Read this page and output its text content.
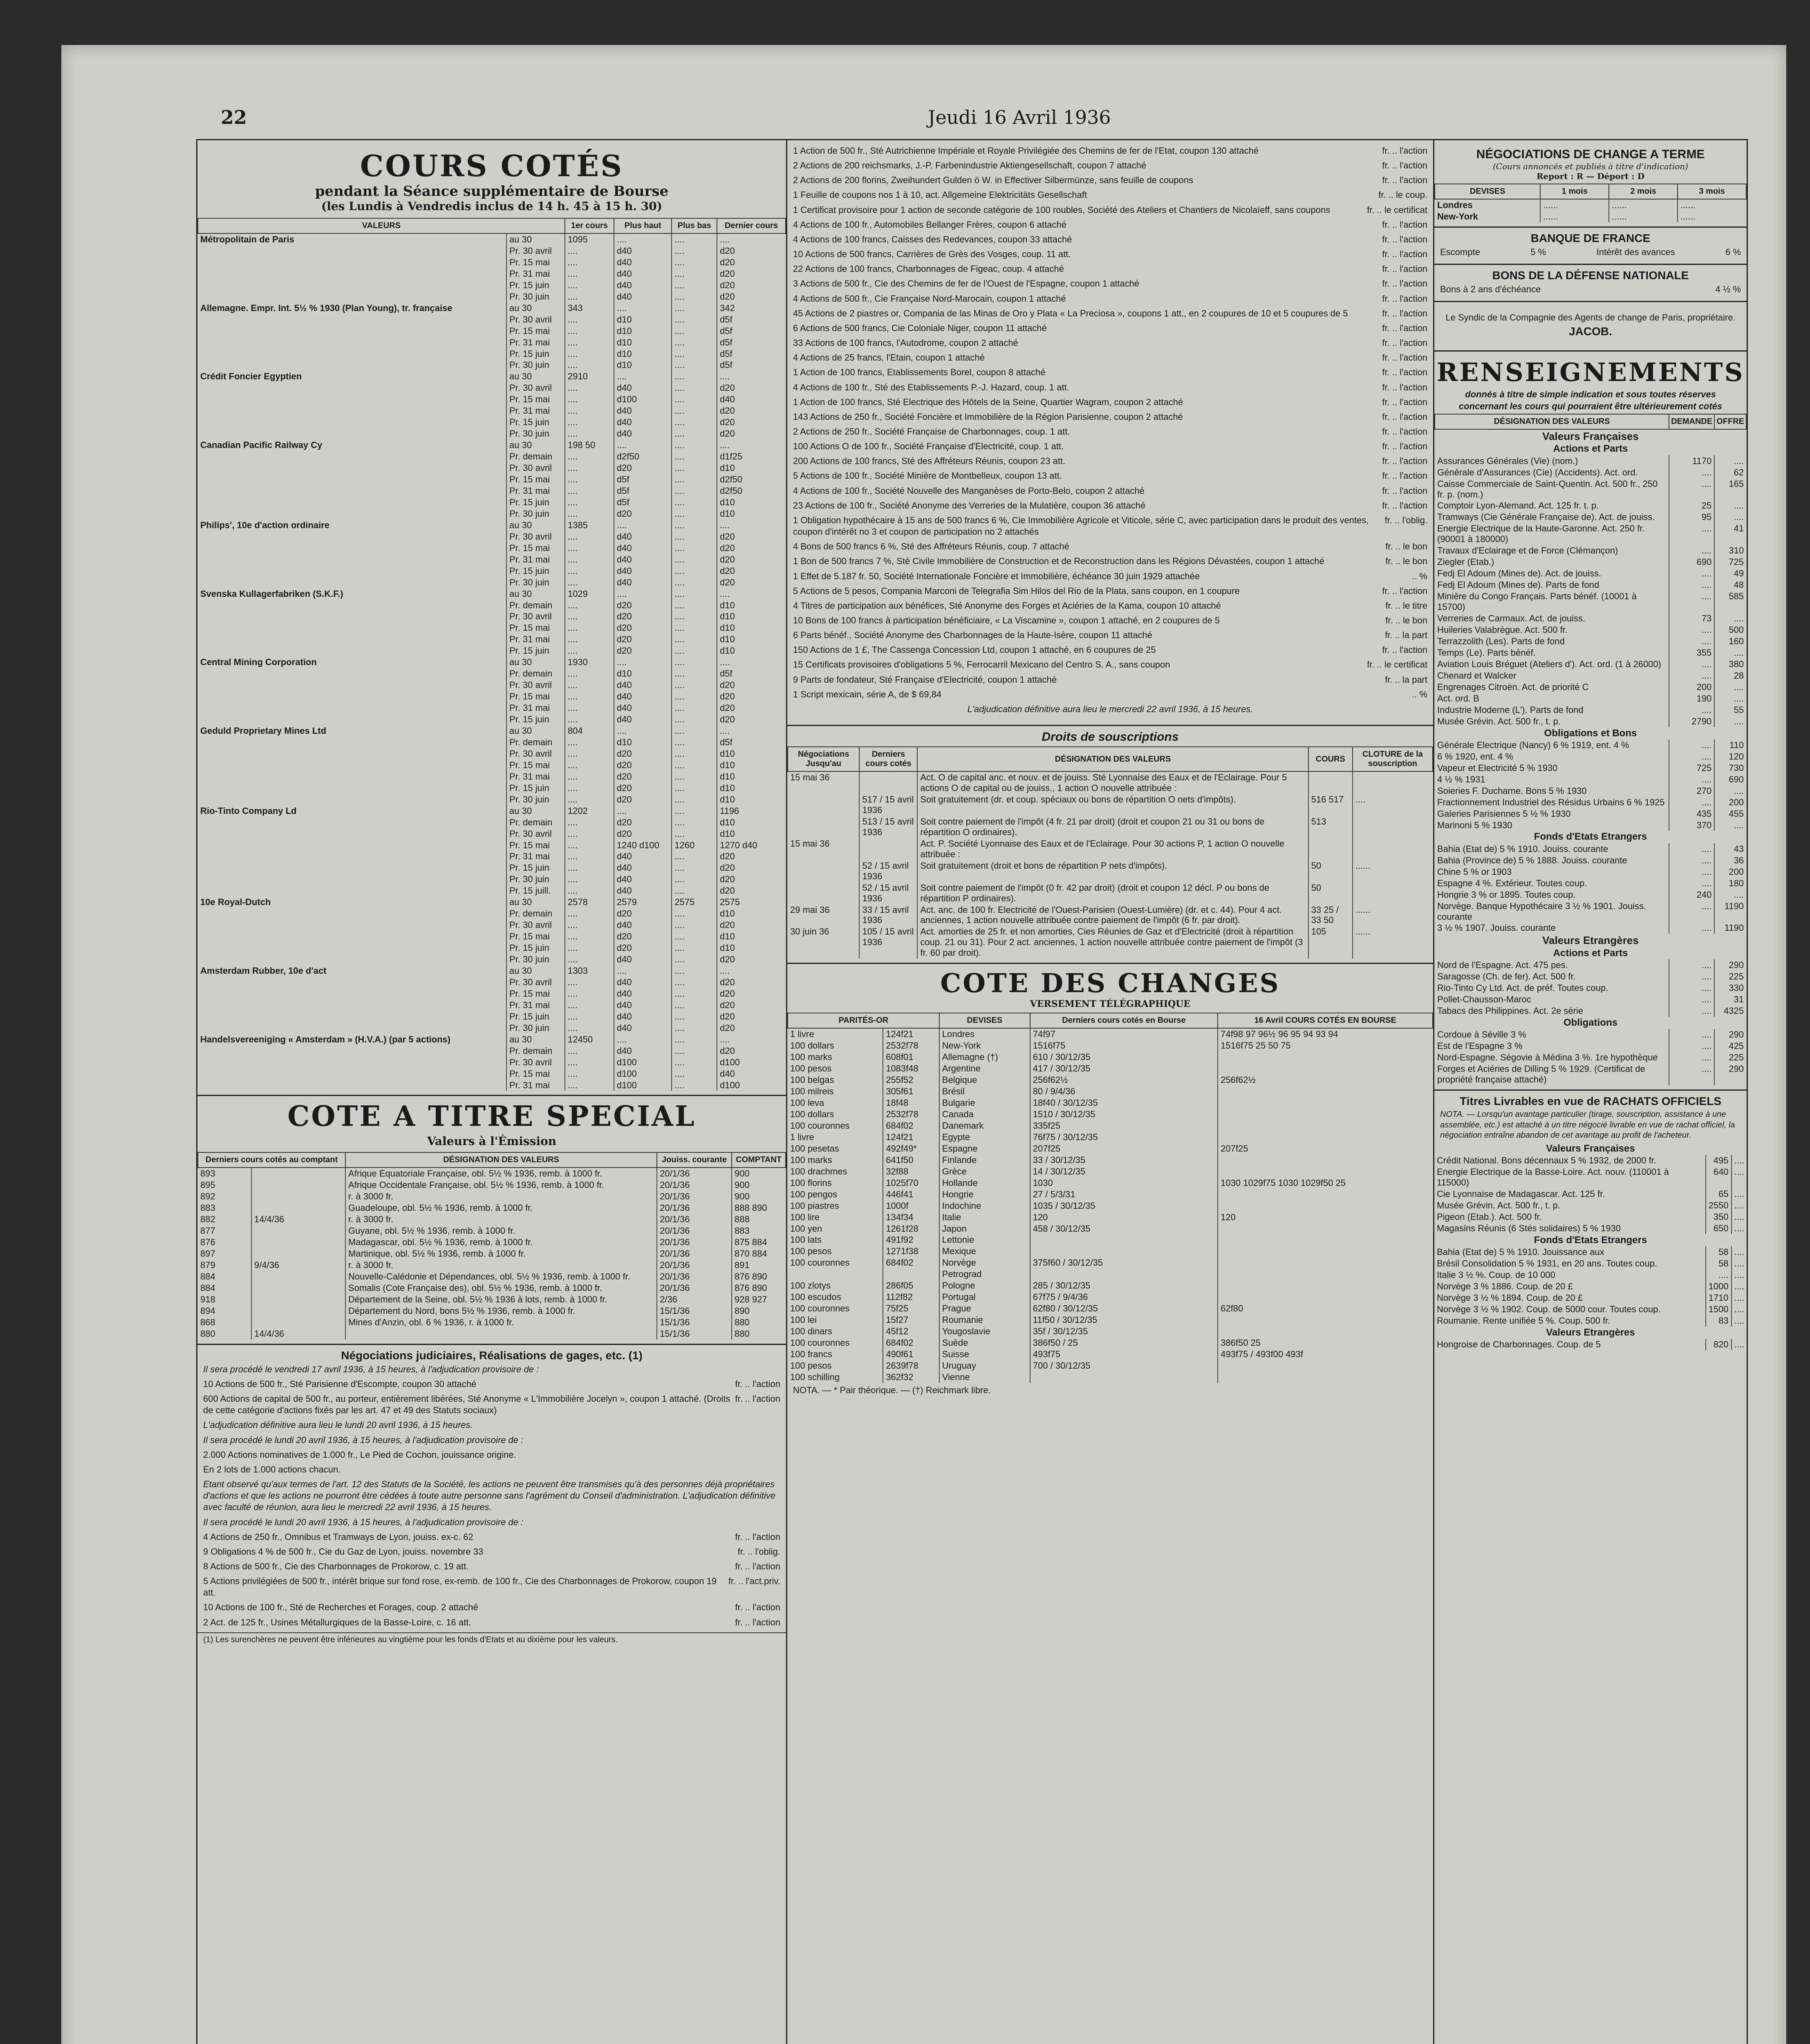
22	Jeudi 16 Avril 1936
COURS COTÉS
pendant la Séance supplémentaire de Bourse
(les Lundis à Vendredis inclus de 14 h. 45 à 15 h. 30)
VALEURS		1er cours	Plus haut	Plus bas	Dernier cours
Métropolitain de Paris	au 30	1095	....	....	....
	Pr. 30 avril	....	d40	....	d20
	Pr. 15 mai	....	d40	....	d20
	Pr. 31 mai	....	d40	....	d20
	Pr. 15 juin	....	d40	....	d20
	Pr. 30 juin	....	d40	....	d20
Allemagne. Empr. Int. 5½ % 1930 (Plan Young), tr. française	au 30	343	....	....	342
	Pr. 30 avril	....	d10	....	d5f
	Pr. 15 mai	....	d10	....	d5f
	Pr. 31 mai	....	d10	....	d5f
	Pr. 15 juin	....	d10	....	d5f
	Pr. 30 juin	....	d10	....	d5f
Crédit Foncier Egyptien	au 30	2910	....	....	....
	Pr. 30 avril	....	d40	....	d20
	Pr. 15 mai	....	d100	....	d40
	Pr. 31 mai	....	d40	....	d20
	Pr. 15 juin	....	d40	....	d20
	Pr. 30 juin	....	d40	....	d20
Canadian Pacific Railway Cy	au 30	198 50	....	....	....
	Pr. demain	....	d2f50	....	d1f25
	Pr. 30 avril	....	d20	....	d10
	Pr. 15 mai	....	d5f	....	d2f50
	Pr. 31 mai	....	d5f	....	d2f50
	Pr. 15 juin	....	d5f	....	d10
	Pr. 30 juin	....	d20	....	d10
Philips', 10e d'action ordinaire	au 30	1385	....	....	....
	Pr. 30 avril	....	d40	....	d20
	Pr. 15 mai	....	d40	....	d20
	Pr. 31 mai	....	d40	....	d20
	Pr. 15 juin	....	d40	....	d20
	Pr. 30 juin	....	d40	....	d20
Svenska Kullagerfabriken (S.K.F.)	au 30	1029	....	....	....
	Pr. demain	....	d20	....	d10
	Pr. 30 avril	....	d20	....	d10
	Pr. 15 mai	....	d20	....	d10
	Pr. 31 mai	....	d20	....	d10
	Pr. 15 juin	....	d20	....	d10
Central Mining Corporation	au 30	1930	....	....	....
	Pr. demain	....	d10	....	d5f
	Pr. 30 avril	....	d40	....	d20
	Pr. 15 mai	....	d40	....	d20
	Pr. 31 mai	....	d40	....	d20
	Pr. 15 juin	....	d40	....	d20
Geduld Proprietary Mines Ltd	au 30	804	....	....	....
	Pr. demain	....	d10	....	d5f
	Pr. 30 avril	....	d20	....	d10
	Pr. 15 mai	....	d20	....	d10
	Pr. 31 mai	....	d20	....	d10
	Pr. 15 juin	....	d20	....	d10
	Pr. 30 juin	....	d20	....	d10
Rio-Tinto Company Ld	au 30	1202	....	....	1196
	Pr. demain	....	d20	....	d10
	Pr. 30 avril	....	d20	....	d10
	Pr. 15 mai	....	1240 d100	1260	1270 d40
	Pr. 31 mai	....	d40	....	d20
	Pr. 15 juin	....	d40	....	d20
	Pr. 30 juin	....	d40	....	d20
	Pr. 15 juill.	....	d40	....	d20
10e Royal-Dutch	au 30	2578	2579	2575	2575
	Pr. demain	....	d20	....	d10
	Pr. 30 avril	....	d40	....	d20
	Pr. 15 mai	....	d20	....	d10
	Pr. 15 juin	....	d20	....	d10
	Pr. 30 juin	....	d40	....	d20
Amsterdam Rubber, 10e d'act	au 30	1303	....	....	....
	Pr. 30 avril	....	d40	....	d20
	Pr. 15 mai	....	d40	....	d20
	Pr. 31 mai	....	d40	....	d20
	Pr. 15 juin	....	d40	....	d20
	Pr. 30 juin	....	d40	....	d20
Handelsvereeniging « Amsterdam » (H.V.A.) (par 5 actions)	au 30	12450	....	....	....
	Pr. demain	....	d40	....	d20
	Pr. 30 avril	....	d100	....	d100
	Pr. 15 mai	....	d100	....	d40
	Pr. 31 mai	....	d100	....	d100
COTE A TITRE SPECIAL
Valeurs à l'Émission
Derniers cours cotés au comptant		DÉSIGNATION DES VALEURS	Jouiss. courante	COMPTANT
893		Afrique Equatoriale Française, obl. 5½ % 1936, remb. à 1000 fr.	20/1/36	900
895		Afrique Occidentale Française, obl. 5½ % 1936, remb. à 1000 fr.	20/1/36	900
892		r. à 3000 fr.	20/1/36	900
883		Guadeloupe, obl. 5½ % 1936, remb. à 1000 fr.	20/1/36	888 890
882	14/4/36	r. à 3000 fr.	20/1/36	888
877		Guyane, obl. 5½ % 1936, remb. à 1000 fr.	20/1/36	883
876		Madagascar, obl. 5½ % 1936, remb. à 1000 fr.	20/1/36	875 884
897		Martinique, obl. 5½ % 1936, remb. à 1000 fr.	20/1/36	870 884
879	9/4/36	r. à 3000 fr.	20/1/36	891
884		Nouvelle-Calédonie et Dépendances, obl. 5½ % 1936, remb. à 1000 fr.	20/1/36	876 890
884		Somalis (Cote Française des), obl. 5½ % 1936, remb. à 1000 fr.	20/1/36	876 890
918		Département de la Seine, obl. 5½ % 1936 à lots, remb. à 1000 fr.	2/36	928 927
894		Département du Nord, bons 5½ % 1936, remb. à 1000 fr.	15/1/36	890
868		Mines d'Anzin, obl. 6 % 1936, r. à 1000 fr.	15/1/36	880
880	14/4/36		15/1/36	880
Négociations judiciaires, Réalisations de gages, etc. (1)
Il sera procédé le vendredi 17 avril 1936, à 15 heures, à l'adjudication provisoire de :
10 Actions de 500 fr., Sté Parisienne d'Escompte, coupon 30 attaché	fr. .. l'action
600 Actions de capital de 500 fr., au porteur, entièrement libérées, Sté Anonyme « L'Immobilière Jocelyn », coupon 1 attaché. (Droits de cette catégorie d'actions fixés par les art. 47 et 49 des Statuts sociaux)
fr. .. l'action
L'adjudication définitive aura lieu le lundi 20 avril 1936, à 15 heures.
Il sera procédé le lundi 20 avril 1936, à 15 heures, à l'adjudication provisoire de :
2.000 Actions nominatives de 1.000 fr., Le Pied de Cochon, jouissance origine.
En 2 lots de 1.000 actions chacun.
Etant observé qu'aux termes de l'art. 12 des Statuts de la Société, les actions ne peuvent être transmises qu'à des personnes déjà propriétaires d'actions et que les actions ne pourront être cédées à toute autre personne sans l'agrément du Conseil d'administration. L'adjudication définitive avec faculté de réunion, aura lieu le mercredi 22 avril 1936, à 15 heures.
Il sera procédé le lundi 20 avril 1936, à 15 heures, à l'adjudication provisoire de :
4 Actions de 250 fr., Omnibus et Tramways de Lyon, jouiss. ex-c. 62	fr. .. l'action
9 Obligations 4 % de 500 fr., Cie du Gaz de Lyon, jouiss. novembre 33	fr. .. l'oblig.
8 Actions de 500 fr., Cie des Charbonnages de Prokorow, c. 19 att.	fr. .. l'action
5 Actions privilégiées de 500 fr., intérêt brique sur fond rose, ex-remb. de 100 fr., Cie des Charbonnages de Prokorow, coupon 19 att.
fr. .. l'act.priv.
10 Actions de 100 fr., Sté de Recherches et Forages, coup. 2 attaché	fr. .. l'action
2 Act. de 125 fr., Usines Métallurgiques de la Basse-Loire, c. 16 att.	fr. .. l'action
(1) Les surenchères ne peuvent être inférieures au vingtième pour les fonds d'Etats et au dixième pour les valeurs.
1 Action de 500 fr., Sté Autrichienne Impériale et Royale Privilégiée des Chemins de fer de l'Etat, coupon 130 attaché	fr. .. l'action
2 Actions de 200 reichsmarks, J.-P. Farbenindustrie Aktiengesellschaft, coupon 7 attaché	fr. .. l'action
2 Actions de 200 florins, Zweihundert Gulden ö W. in Effectiver Silbermünze, sans feuille de coupons	fr. .. l'action
1 Feuille de coupons nos 1 à 10, act. Allgemeine Elektricitäts Gesellschaft	fr. .. le coup.
1 Certificat provisoire pour 1 action de seconde catégorie de 100 roubles, Société des Ateliers et Chantiers de Nicolaïeff, sans coupons	fr. .. le certificat
4 Actions de 100 fr., Automobiles Bellanger Frères, coupon 6 attaché	fr. .. l'action
4 Actions de 100 francs, Caisses des Redevances, coupon 33 attaché	fr. .. l'action
10 Actions de 500 francs, Carrières de Grès des Vosges, coup. 11 att.	fr. .. l'action
22 Actions de 100 francs, Charbonnages de Figeac, coup. 4 attaché	fr. .. l'action
3 Actions de 500 fr., Cie des Chemins de fer de l'Ouest de l'Espagne, coupon 1 attaché	fr. .. l'action
4 Actions de 500 fr., Cie Française Nord-Marocain, coupon 1 attaché	fr. .. l'action
45 Actions de 2 piastres or, Compania de las Minas de Oro y Plata « La Preciosa », coupons 1 att., en 2 coupures de 10 et 5 coupures de 5	fr. .. l'action
6 Actions de 500 francs, Cie Coloniale Niger, coupon 11 attaché	fr. .. l'action
33 Actions de 100 francs, l'Autodrome, coupon 2 attaché	fr. .. l'action
4 Actions de 25 francs, l'Etain, coupon 1 attaché	fr. .. l'action
1 Action de 100 francs, Etablissements Borel, coupon 8 attaché	fr. .. l'action
4 Actions de 100 fr., Sté des Etablissements P.-J. Hazard, coup. 1 att.	fr. .. l'action
1 Action de 100 francs, Sté Electrique des Hôtels de la Seine, Quartier Wagram, coupon 2 attaché	fr. .. l'action
143 Actions de 250 fr., Société Foncière et Immobilière de la Région Parisienne, coupon 2 attaché	fr. .. l'action
2 Actions de 250 fr., Société Française de Charbonnages, coup. 1 att.	fr. .. l'action
100 Actions O de 100 fr., Société Française d'Electricité, coup. 1 att.	fr. .. l'action
200 Actions de 100 francs, Sté des Affréteurs Réunis, coupon 23 att.	fr. .. l'action
5 Actions de 100 fr., Société Minière de Montbelleux, coupon 13 att.	fr. .. l'action
4 Actions de 100 fr., Société Nouvelle des Manganèses de Porto-Belo, coupon 2 attaché	fr. .. l'action
23 Actions de 100 fr., Société Anonyme des Verreries de la Mulatière, coupon 36 attaché	fr. .. l'action
1 Obligation hypothécaire à 15 ans de 500 francs 6 %, Cie Immobilière Agricole et Viticole, série C, avec participation dans le produit des ventes, coupon d'intérêt no 3 et coupon de participation no 2 attachés
fr. .. l'oblig.
4 Bons de 500 francs 6 %, Sté des Affréteurs Réunis, coup. 7 attaché	fr. .. le bon
1 Bon de 500 francs 7 %, Sté Civile Immobilière de Construction et de Reconstruction dans les Régions Dévastées, coupon 1 attaché	fr. .. le bon
1 Effet de 5.187 fr. 50, Société Internationale Foncière et Immobilière, échéance 30 juin 1929 attachée	.. %
5 Actions de 5 pesos, Compania Marconi de Telegrafia Sim Hilos del Rio de la Plata, sans coupon, en 1 coupure	fr. .. l'action
4 Titres de participation aux bénéfices, Sté Anonyme des Forges et Aciéries de la Kama, coupon 10 attaché	fr. .. le titre
10 Bons de 100 francs à participation bénéficiaire, « La Viscamine », coupon 1 attaché, en 2 coupures de 5	fr. .. le bon
6 Parts bénéf., Société Anonyme des Charbonnages de la Haute-Isère, coupon 11 attaché	fr. .. la part
150 Actions de 1 £, The Cassenga Concession Ltd, coupon 1 attaché, en 6 coupures de 25	fr. .. l'action
15 Certificats provisoires d'obligations 5 %, Ferrocarril Mexicano del Centro S. A., sans coupon	fr. .. le certificat
9 Parts de fondateur, Sté Française d'Electricité, coupon 1 attaché	fr. .. la part
1 Script mexicain, série A, de $ 69,84	.. %
L'adjudication définitive aura lieu le mercredi 22 avril 1936, à 15 heures.
Droits de souscriptions
Négociations Jusqu'au	Derniers cours cotés	DÉSIGNATION DES VALEURS	COURS	CLOTURE de la souscription
15 mai 36		Act. O de capital anc. et nouv. et de jouiss. Sté Lyonnaise des Eaux et de l'Eclairage. Pour 5 actions O de capital ou de jouiss., 1 action O nouvelle attribuée :		
	517 / 15 avril 1936	Soit gratuitement (dr. et coup. spéciaux ou bons de répartition O nets d'impôts).	516 517	....
	513 / 15 avril 1936	Soit contre paiement de l'impôt (4 fr. 21 par droit) (droit et coupon 21 ou 31 ou bons de répartition O ordinaires).	513	
15 mai 36		Act. P. Société Lyonnaise des Eaux et de l'Eclairage. Pour 30 actions P, 1 action O nouvelle attribuée :		
	52 / 15 avril 1936	Soit gratuitement (droit et bons de répartition P nets d'impôts).	50	......
	52 / 15 avril 1936	Soit contre paiement de l'impôt (0 fr. 42 par droit) (droit et coupon 12 décl. P ou bons de répartition P ordinaires).	50	
29 mai 36	33 / 15 avril 1936	Act. anc. de 100 fr. Electricité de l'Ouest-Parisien (Ouest-Lumière) (dr. et c. 44). Pour 4 act. anciennes, 1 action nouvelle attribuée contre paiement de l'impôt (6 fr. par droit).	33 25 / 33 50	......
30 juin 36	105 / 15 avril 1936	Act. amorties de 25 fr. et non amorties, Cies Réunies de Gaz et d'Electricité (droit à répartition coup. 21 ou 31). Pour 2 act. anciennes, 1 action nouvelle attribuée contre paiement de l'impôt (3 fr. 60 par droit).	105	......
COTE DES CHANGES
VERSEMENT TÉLÉGRAPHIQUE
PARITÉS-OR		DEVISES	Derniers cours cotés en Bourse	16 Avril COURS COTÉS EN BOURSE
1 livre	124f21	Londres	74f97	74f98 97 96½ 96 95 94 93 94
100 dollars	2532f78	New-York	1516f75	1516f75 25 50 75
100 marks	608f01	Allemagne (†)	610 / 30/12/35	
100 pesos	1083f48	Argentine	417 / 30/12/35	
100 belgas	255f52	Belgique	256f62½	256f62½
100 milreis	305f61	Brésil	80 / 9/4/36	
100 leva	18f48	Bulgarie	18f40 / 30/12/35	
100 dollars	2532f78	Canada	1510 / 30/12/35	
100 couronnes	684f02	Danemark	335f25	
1 livre	124f21	Egypte	76f75 / 30/12/35	
100 pesetas	492f49*	Espagne	207f25	207f25
100 marks	641f50	Finlande	33 / 30/12/35	
100 drachmes	32f88	Grèce	14 / 30/12/35	
100 florins	1025f70	Hollande	1030	1030 1029f75 1030 1029f50 25
100 pengos	446f41	Hongrie	27 / 5/3/31	
100 piastres	1000f	Indochine	1035 / 30/12/35	
100 lire	134f34	Italie	120	120
100 yen	1261f28	Japon	458 / 30/12/35	
100 lats	491f92	Lettonie		
100 pesos	1271f38	Mexique		
100 couronnes	684f02	Norvège	375f60 / 30/12/35	
		Petrograd		
100 zlotys	286f05	Pologne	285 / 30/12/35	
100 escudos	112f82	Portugal	67f75 / 9/4/36	
100 couronnes	75f25	Prague	62f80 / 30/12/35	62f80
100 lei	15f27	Roumanie	11f50 / 30/12/35	
100 dinars	45f12	Yougoslavie	35f / 30/12/35	
100 couronnes	684f02	Suède	386f50 / 25	386f50 25
100 francs	490f61	Suisse	493f75	493f75 / 493f00 493f
100 pesos	2639f78	Uruguay	700 / 30/12/35	
100 schilling	362f32	Vienne		
NOTA. — * Pair théorique. — (†) Reichmark libre.
NÉGOCIATIONS DE CHANGE A TERME
(Cours annoncés et publiés à titre d'indication)
Report : R — Déport : D
DEVISES	1 mois	2 mois	3 mois
Londres	......	......	......
New-York	......	......	......
BANQUE DE FRANCE
Escompte	5 %	Intérêt des avances	6 %
BONS DE LA DÉFENSE NATIONALE
Bons à 2 ans d'échéance	4 ½ %
Le Syndic de la Compagnie des Agents de change de Paris, propriétaire.
JACOB.
RENSEIGNEMENTS
donnés à titre de simple indication et sous toutes réserves concernant les cours qui pourraient être ultérieurement cotés
DÉSIGNATION DES VALEURS	DEMANDE	OFFRE
Valeurs Françaises		
Actions et Parts		
Assurances Générales (Vie) (nom.)	1170	....
Générale d'Assurances (Cie) (Accidents). Act. ord.	....	62
Caisse Commerciale de Saint-Quentin. Act. 500 fr., 250 fr. p. (nom.)	....	165
Comptoir Lyon-Alemand. Act. 125 fr. t. p.	25	....
Tramways (Cie Générale Française de). Act. de jouiss.	95	....
Energie Electrique de la Haute-Garonne. Act. 250 fr. (90001 à 180000)	....	41
Travaux d'Eclairage et de Force (Clémançon)	....	310
Ziegler (Etab.)	690	725
Fedj El Adoum (Mines de). Act. de jouiss.	....	49
Fedj El Adoum (Mines de). Parts de fond	....	48
Minière du Congo Français. Parts bénéf. (10001 à 15700)	....	585
Verreries de Carmaux. Act. de jouiss.	73	....
Huileries Valabrègue. Act. 500 fr.	....	500
Terrazzolith (Les). Parts de fond	....	160
Temps (Le). Parts bénéf.	355	....
Aviation Louis Bréguet (Ateliers d'). Act. ord. (1 à 26000)	....	380
Chenard et Walcker	....	28
Engrenages Citroën. Act. de priorité C	200	....
Act. ord. B	190	....
Industrie Moderne (L'). Parts de fond	....	55
Musée Grévin. Act. 500 fr., t. p.	2790	....
Obligations et Bons		
Générale Electrique (Nancy) 6 % 1919, ent. 4 %	....	110
6 % 1920, ent. 4 %	....	120
Vapeur et Electricité 5 % 1930	725	730
4 ½ % 1931	....	690
Soieries F. Ducharne. Bons 5 % 1930	270	....
Fractionnement Industriel des Résidus Urbains 6 % 1925	....	200
Galeries Parisiennes 5 ½ % 1930	435	455
Marinoni 5 % 1930	370	....
Fonds d'Etats Etrangers		
Bahia (Etat de) 5 % 1910. Jouiss. courante	....	43
Bahia (Province de) 5 % 1888. Jouiss. courante	....	36
Chine 5 % or 1903	....	200
Espagne 4 %. Extérieur. Toutes coup.	....	180
Hongrie 3 % or 1895. Toutes coup.	240	....
Norvège. Banque Hypothécaire 3 ½ % 1901. Jouiss. courante	....	1190
3 ½ % 1907. Jouiss. courante	....	1190
Valeurs Etrangères		
Actions et Parts		
Nord de l'Espagne. Act. 475 pes.	....	290
Saragosse (Ch. de fer). Act. 500 fr.	....	225
Rio-Tinto Cy Ltd. Act. de préf. Toutes coup.	....	330
Pollet-Chausson-Maroc	....	31
Tabacs des Philippines. Act. 2e série	....	4325
Obligations		
Cordoue à Séville 3 %	....	290
Est de l'Espagne 3 %	....	425
Nord-Espagne. Ségovie à Médina 3 %. 1re hypothèque	....	225
Forges et Aciéries de Dilling 5 % 1929. (Certificat de propriété française attaché)	....	290
Titres Livrables en vue de RACHATS OFFICIELS
NOTA. — Lorsqu'un avantage particulier (tirage, souscription, assistance à une assemblée, etc.) est attaché à un titre négocié livrable en vue de rachat officiel, la négociation entraîne abandon de cet avantage au profit de l'acheteur.
Valeurs Françaises		
Crédit National. Bons décennaux 5 % 1932, de 2000 fr.	495	....
Energie Electrique de la Basse-Loire. Act. nouv. (110001 à 115000)	640	....
Cie Lyonnaise de Madagascar. Act. 125 fr.	65	....
Musée Grévin. Act. 500 fr., t. p.	2550	....
Pigeon (Etab.). Act. 500 fr.	350	....
Magasins Réunis (6 Stés solidaires) 5 % 1930	650	....
Fonds d'Etats Etrangers		
Bahia (Etat de) 5 % 1910. Jouissance aux	58	....
Brésil Consolidation 5 % 1931, en 20 ans. Toutes coup.	58	....
Italie 3 ½ %. Coup. de 10 000	....	....
Norvège 3 % 1886. Coup. de 20 £	1000	....
Norvège 3 ½ % 1894. Coup. de 20 £	1710	....
Norvège 3 ½ % 1902. Coup. de 5000 cour. Toutes coup.	1500	....
Roumanie. Rente unifiée 5 %. Coup. 500 fr.	83	....
Valeurs Etrangères		
Hongroise de Charbonnages. Coup. de 5	820	....
